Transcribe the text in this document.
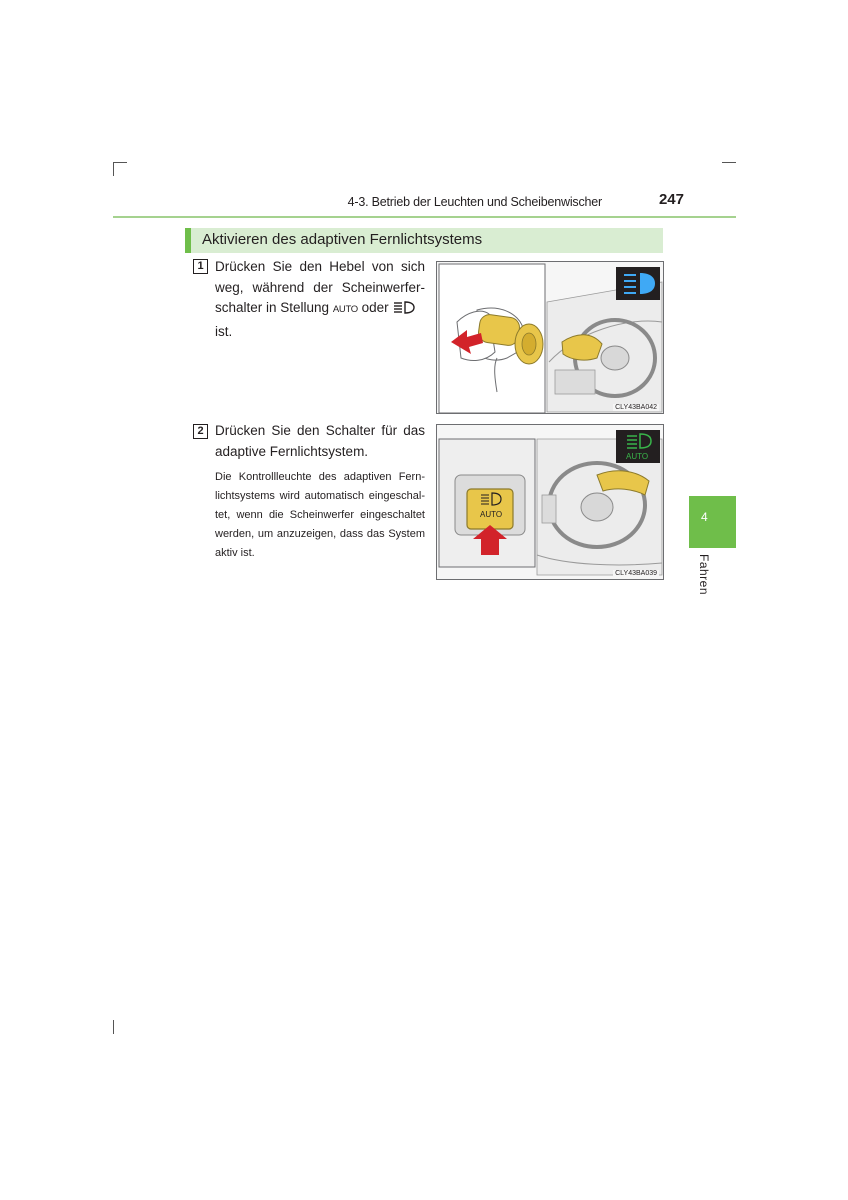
4-3. Betrieb der Leuchten und Scheibenwischer	247
Aktivieren des adaptiven Fernlichtsystems
1 Drücken Sie den Hebel von sich weg, während der Scheinwerfer-schalter in Stellung AUTO oder
ist.
CLY43BA042
2 Drücken Sie den Schalter für das adaptive Fernlichtsystem.
Die Kontrollleuchte des adaptiven Fern-lichtsystems wird automatisch eingeschal-tet, wenn die Scheinwerfer eingeschaltet werden, um anzuzeigen, dass das System aktiv ist.
AUTO
AUTO
CLY43BA039
4
Fahren
